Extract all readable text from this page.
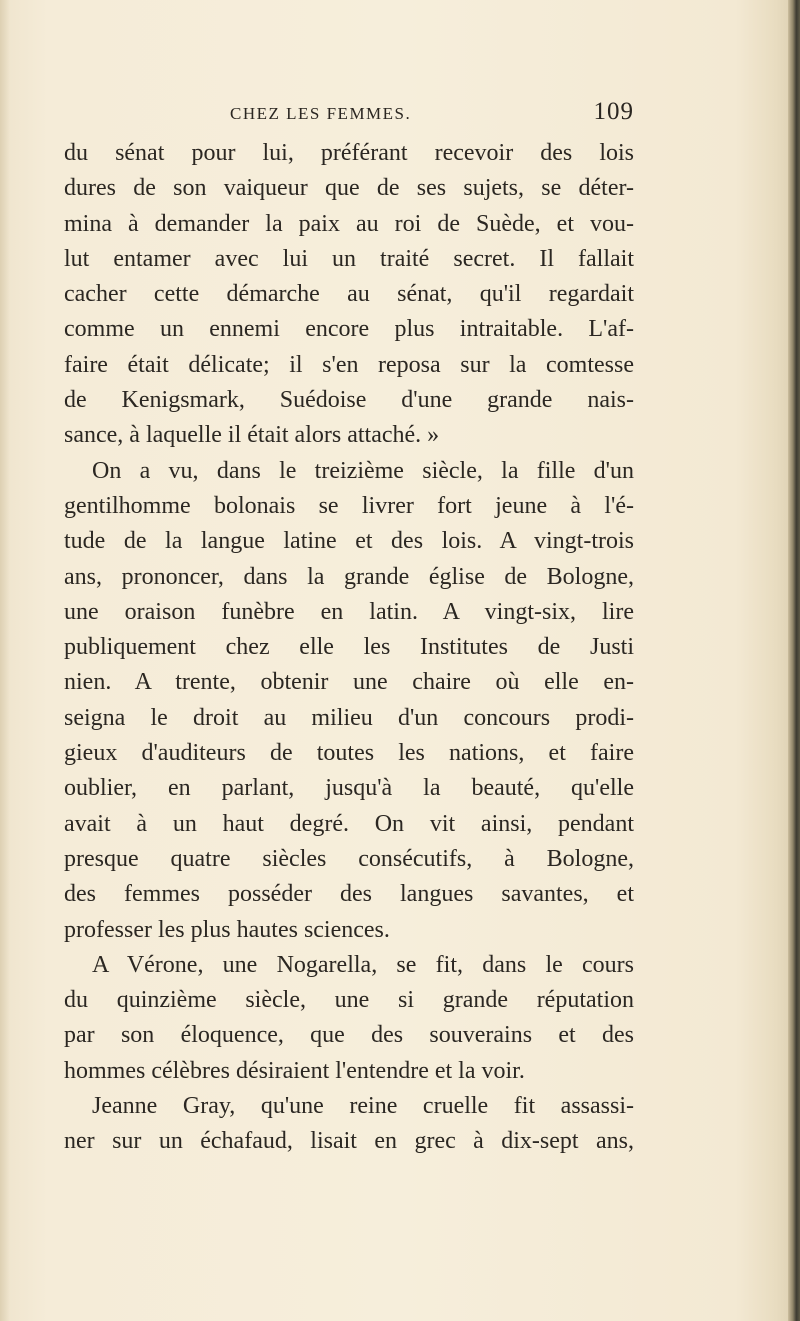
CHEZ LES FEMMES.	109
du sénat pour lui, préférant recevoir des lois
dures de son vaiqueur que de ses sujets, se déter-
mina à demander la paix au roi de Suède, et vou-
lut entamer avec lui un traité secret. Il fallait
cacher cette démarche au sénat, qu'il regardait
comme un ennemi encore plus intraitable. L'af-
faire était délicate; il s'en reposa sur la comtesse
de Kenigsmark, Suédoise d'une grande nais-
sance, à laquelle il était alors attaché. »
On a vu, dans le treizième siècle, la fille d'un
gentilhomme bolonais se livrer fort jeune à l'é-
tude de la langue latine et des lois. A vingt-trois
ans, prononcer, dans la grande église de Bologne,
une oraison funèbre en latin. A vingt-six, lire
publiquement chez elle les Institutes de Justi
nien. A trente, obtenir une chaire où elle en-
seigna le droit au milieu d'un concours prodi-
gieux d'auditeurs de toutes les nations, et faire
oublier, en parlant, jusqu'à la beauté, qu'elle
avait à un haut degré. On vit ainsi, pendant
presque quatre siècles consécutifs, à Bologne,
des femmes posséder des langues savantes, et
professer les plus hautes sciences.
A Vérone, une Nogarella, se fit, dans le cours
du quinzième siècle, une si grande réputation
par son éloquence, que des souverains et des
hommes célèbres désiraient l'entendre et la voir.
Jeanne Gray, qu'une reine cruelle fit assassi-
ner sur un échafaud, lisait en grec à dix-sept ans,
